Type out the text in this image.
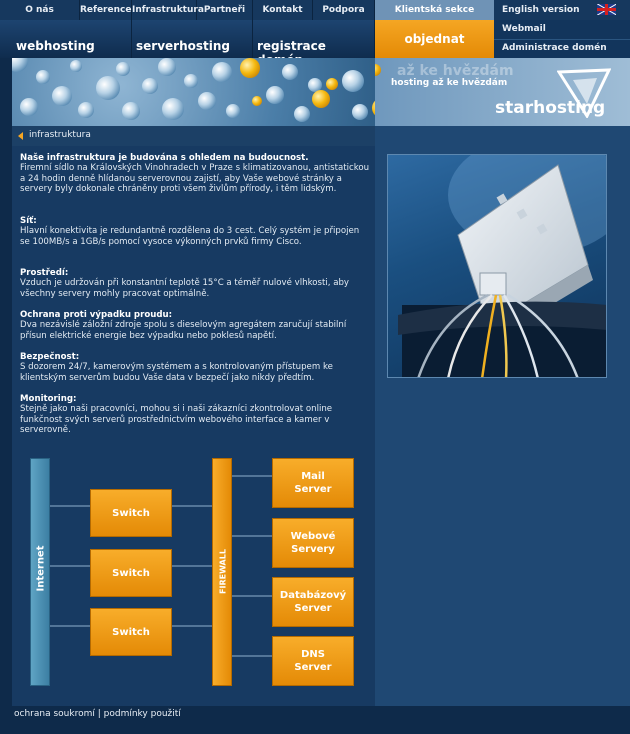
O nás	Reference Infrastruktura Partneři	Kontakt	Podpora	Klientská sekce	English version
webhosting	serverhosting	registrace	objednat
Webmail
Administrace domén
až ke hvězdám
hosting až ke hvězdám
starhosting
infrastruktura
Naše infrastruktura je budována s ohledem na budoucnost.
Firemní sídlo na Královských Vinohradech v Praze s klimatizovanou, antistatickou a 24 hodin denně hlídanou serverovnou zajistí, aby Vaše webové stránky a servery byly dokonale chráněny proti všem živlům přírody, i těm lidským.
Síť:
Hlavní konektivita je redundantně rozdělena do 3 cest. Celý systém je připojen se 100MB/s a 1GB/s pomocí vysoce výkonných prvků firmy Cisco.
Prostředí:
Vzduch je udržován při konstantní teplotě 15°C a téměř nulové vlhkosti, aby všechny servery mohly pracovat optimálně.
Ochrana proti výpadku proudu:
Dva nezávislé záložní zdroje spolu s dieselovým agregátem zaručují stabilní přísun elektrické energie bez výpadku nebo poklesů napětí.
Bezpečnost:
S dozorem 24/7, kamerovým systémem a s kontrolovaným přístupem ke klientským serverům budou Vaše data v bezpečí jako nikdy předtím.
Monitoring:
Stejně jako naši pracovníci, mohou si i naši zákazníci zkontrolovat online funkčnost svých serverů prostřednictvím webového interface a kamer v serverovně.
Internet	FIREWALL
Switch
Switch
Switch
Mail
Server
Webové
Servery
Databázový
Server
DNS
Server
ochrana soukromí | podmínky použití
